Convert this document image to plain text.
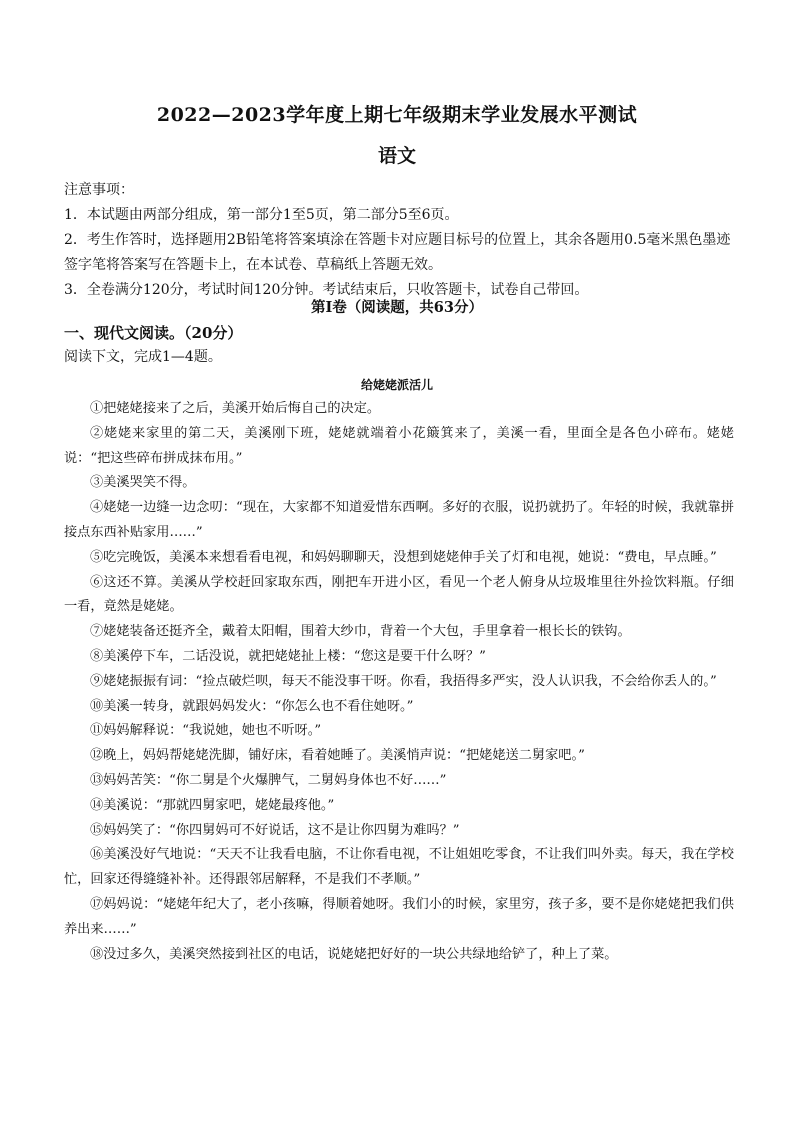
2022—2023学年度上期七年级期末学业发展水平测试
语文

注意事项：

1．本试题由两部分组成，第一部分1至5页，第二部分5至6页。

2．考生作答时，选择题用2B铅笔将答案填涂在答题卡对应题目标号的位置上，其余各题用0.5毫米黑色墨迹签字笔将答案写在答题卡上，在本试卷、草稿纸上答题无效。

3．全卷满分120分，考试时间120分钟。考试结束后，只收答题卡，试卷自己带回。

第I卷（阅读题，共63分）
一、现代文阅读。（20分）
阅读下文，完成1—4题。
给姥姥派活儿

①把姥姥接来了之后，美溪开始后悔自己的决定。

②姥姥来家里的第二天，美溪刚下班，姥姥就端着小花簸箕来了，美溪一看，里面全是各色小碎布。姥姥说：“把这些碎布拼成抹布用。”

③美溪哭笑不得。

④姥姥一边缝一边念叨：“现在，大家都不知道爱惜东西啊。多好的衣服，说扔就扔了。年轻的时候，我就靠拼接点东西补贴家用……”

⑤吃完晚饭，美溪本来想看看电视，和妈妈聊聊天，没想到姥姥伸手关了灯和电视，她说：“费电，早点睡。”

⑥这还不算。美溪从学校赶回家取东西，刚把车开进小区，看见一个老人俯身从垃圾堆里往外捡饮料瓶。仔细一看，竟然是姥姥。

⑦姥姥装备还挺齐全，戴着太阳帽，围着大纱巾，背着一个大包，手里拿着一根长长的铁钩。

⑧美溪停下车，二话没说，就把姥姥扯上楼：“您这是要干什么呀？”

⑨姥姥振振有词：“捡点破烂呗，每天不能没事干呀。你看，我捂得多严实，没人认识我，不会给你丢人的。”

⑩美溪一转身，就跟妈妈发火：“你怎么也不看住她呀。”

⑪妈妈解释说：“我说她，她也不听呀。”

⑫晚上，妈妈帮姥姥洗脚，铺好床，看着她睡了。美溪悄声说：“把姥姥送二舅家吧。”

⑬妈妈苦笑：“你二舅是个火爆脾气，二舅妈身体也不好……”

⑭美溪说：“那就四舅家吧，姥姥最疼他。”

⑮妈妈笑了：“你四舅妈可不好说话，这不是让你四舅为难吗？”

⑯美溪没好气地说：“天天不让我看电脑，不让你看电视，不让姐姐吃零食，不让我们叫外卖。每天，我在学校忙，回家还得缝缝补补。还得跟邻居解释，不是我们不孝顺。”

⑰妈妈说：“姥姥年纪大了，老小孩嘛，得顺着她呀。我们小的时候，家里穷，孩子多，要不是你姥姥把我们供养出来……”

⑱没过多久，美溪突然接到社区的电话，说姥姥把好好的一块公共绿地给铲了，种上了菜。
